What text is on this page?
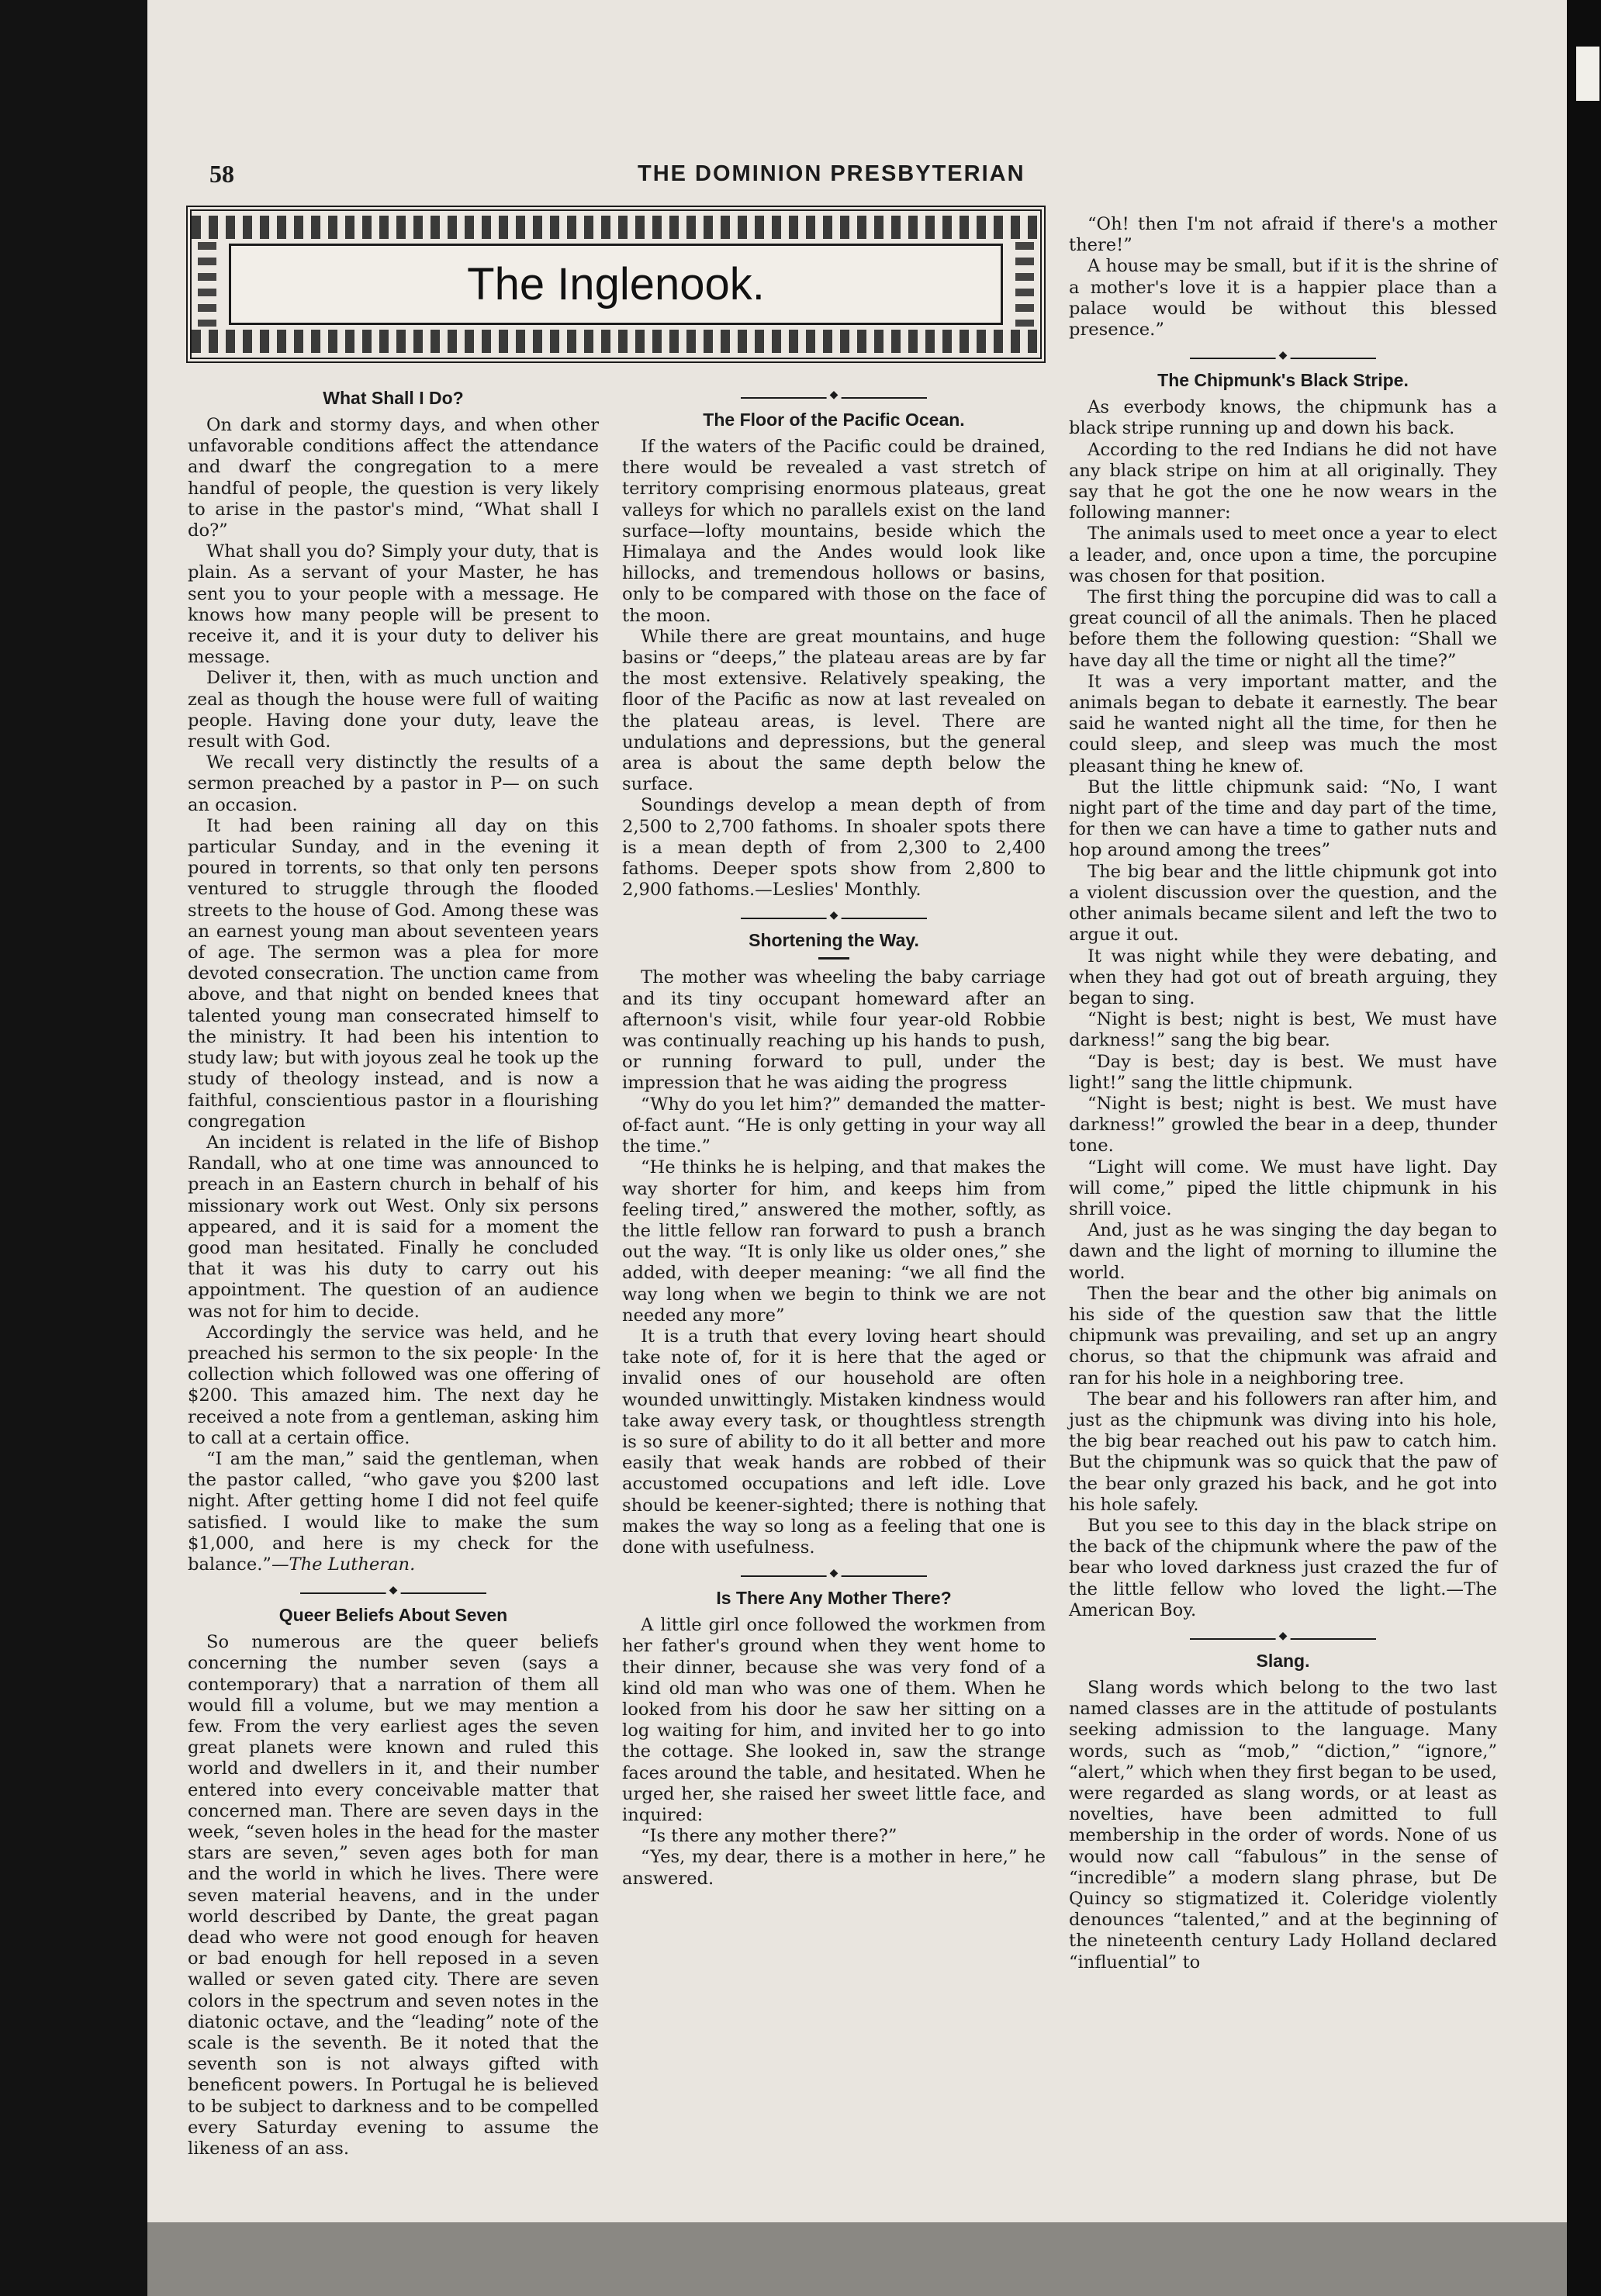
58	THE DOMINION PRESBYTERIAN
The Inglenook.
What Shall I Do?

On dark and stormy days, and when other unfavorable conditions affect the attendance and dwarf the congregation to a mere handful of people, the question is very likely to arise in the pastor's mind, “What shall I do?”

What shall you do? Simply your duty, that is plain. As a servant of your Master, he has sent you to your people with a message. He knows how many people will be present to receive it, and it is your duty to deliver his message.

Deliver it, then, with as much unction and zeal as though the house were full of waiting people. Having done your duty, leave the result with God.

We recall very distinctly the results of a sermon preached by a pastor in P— on such an occasion.

It had been raining all day on this particular Sunday, and in the evening it poured in torrents, so that only ten persons ventured to struggle through the flooded streets to the house of God. Among these was an earnest young man about seventeen years of age. The sermon was a plea for more devoted consecration. The unction came from above, and that night on bended knees that talented young man consecrated himself to the ministry. It had been his intention to study law; but with joyous zeal he took up the study of theology instead, and is now a faithful, conscientious pastor in a flourishing congregation

An incident is related in the life of Bishop Randall, who at one time was announced to preach in an Eastern church in behalf of his missionary work out West. Only six persons appeared, and it is said for a moment the good man hesitated. Finally he concluded that it was his duty to carry out his appointment. The question of an audience was not for him to decide.

Accordingly the service was held, and he preached his sermon to the six people· In the collection which followed was one offering of $200. This amazed him. The next day he received a note from a gentleman, asking him to call at a certain office.

“I am the man,” said the gentleman, when the pastor called, “who gave you $200 last night. After getting home I did not feel quife satisfied. I would like to make the sum $1,000, and here is my check for the balance.”—The Lutheran.

◆
Queer Beliefs About Seven

So numerous are the queer beliefs concerning the number seven (says a contemporary) that a narration of them all would fill a volume, but we may mention a few. From the very earliest ages the seven great planets were known and ruled this world and dwellers in it, and their number entered into every conceivable matter that concerned man. There are seven days in the week, “seven holes in the head for the master stars are seven,” seven ages both for man and the world in which he lives. There were seven material heavens, and in the under world described by Dante, the great pagan dead who were not good enough for heaven or bad enough for hell reposed in a seven walled or seven gated city. There are seven colors in the spectrum and seven notes in the diatonic octave, and the “leading” note of the scale is the seventh. Be it noted that the seventh son is not always gifted with beneficent powers. In Portugal he is believed to be subject to darkness and to be compelled every Saturday evening to assume the likeness of an ass.

◆
The Floor of the Pacific Ocean.

If the waters of the Pacific could be drained, there would be revealed a vast stretch of territory comprising enormous plateaus, great valleys for which no parallels exist on the land surface—lofty mountains, beside which the Himalaya and the Andes would look like hillocks, and tremendous hollows or basins, only to be compared with those on the face of the moon.

While there are great mountains, and huge basins or “deeps,” the plateau areas are by far the most extensive. Relatively speaking, the floor of the Pacific as now at last revealed on the plateau areas, is level. There are undulations and depressions, but the general area is about the same depth below the surface.

Soundings develop a mean depth of from 2,500 to 2,700 fathoms. In shoaler spots there is a mean depth of from 2,300 to 2,400 fathoms. Deeper spots show from 2,800 to 2,900 fathoms.—Leslies' Monthly.

◆
Shortening the Way.

The mother was wheeling the baby carriage and its tiny occupant homeward after an afternoon's visit, while four year-old Robbie was continually reaching up his hands to push, or running forward to pull, under the impression that he was aiding the progress

“Why do you let him?” demanded the matter-of-fact aunt. “He is only getting in your way all the time.”

“He thinks he is helping, and that makes the way shorter for him, and keeps him from feeling tired,” answered the mother, softly, as the little fellow ran forward to push a branch out the way. “It is only like us older ones,” she added, with deeper meaning: “we all find the way long when we begin to think we are not needed any more”

It is a truth that every loving heart should take note of, for it is here that the aged or invalid ones of our household are often wounded unwittingly. Mistaken kindness would take away every task, or thoughtless strength is so sure of ability to do it all better and more easily that weak hands are robbed of their accustomed occupations and left idle. Love should be keener-sighted; there is nothing that makes the way so long as a feeling that one is done with usefulness.

◆
Is There Any Mother There?

A little girl once followed the workmen from her father's ground when they went home to their dinner, because she was very fond of a kind old man who was one of them. When he looked from his door he saw her sitting on a log waiting for him, and invited her to go into the cottage. She looked in, saw the strange faces around the table, and hesitated. When he urged her, she raised her sweet little face, and inquired:

“Is there any mother there?”

“Yes, my dear, there is a mother in here,” he answered.

“Oh! then I'm not afraid if there's a mother there!”

A house may be small, but if it is the shrine of a mother's love it is a happier place than a palace would be without this blessed presence.”

◆
The Chipmunk's Black Stripe.

As everbody knows, the chipmunk has a black stripe running up and down his back.

According to the red Indians he did not have any black stripe on him at all originally. They say that he got the one he now wears in the following manner:

The animals used to meet once a year to elect a leader, and, once upon a time, the porcupine was chosen for that position.

The first thing the porcupine did was to call a great council of all the animals. Then he placed before them the following question: “Shall we have day all the time or night all the time?”

It was a very important matter, and the animals began to debate it earnestly. The bear said he wanted night all the time, for then he could sleep, and sleep was much the most pleasant thing he knew of.

But the little chipmunk said: “No, I want night part of the time and day part of the time, for then we can have a time to gather nuts and hop around among the trees”

The big bear and the little chipmunk got into a violent discussion over the question, and the other animals became silent and left the two to argue it out.

It was night while they were debating, and when they had got out of breath arguing, they began to sing.

“Night is best; night is best, We must have darkness!” sang the big bear.

“Day is best; day is best. We must have light!” sang the little chipmunk.

“Night is best; night is best. We must have darkness!” growled the bear in a deep, thunder tone.

“Light will come. We must have light. Day will come,” piped the little chipmunk in his shrill voice.

And, just as he was singing the day began to dawn and the light of morning to illumine the world.

Then the bear and the other big animals on his side of the question saw that the little chipmunk was prevailing, and set up an angry chorus, so that the chipmunk was afraid and ran for his hole in a neighboring tree.

The bear and his followers ran after him, and just as the chipmunk was diving into his hole, the big bear reached out his paw to catch him. But the chipmunk was so quick that the paw of the bear only grazed his back, and he got into his hole safely.

But you see to this day in the black stripe on the back of the chipmunk where the paw of the bear who loved darkness just crazed the fur of the little fellow who loved the light.—The American Boy.

◆
Slang.

Slang words which belong to the two last named classes are in the attitude of postulants seeking admission to the language. Many words, such as “mob,” “diction,” “ignore,” “alert,” which when they first began to be used, were regarded as slang words, or at least as novelties, have been admitted to full membership in the order of words. None of us would now call “fabulous” in the sense of “incredible” a modern slang phrase, but De Quincy so stigmatized it. Coleridge violently denounces “talented,” and at the beginning of the nineteenth century Lady Holland declared “influential” to
